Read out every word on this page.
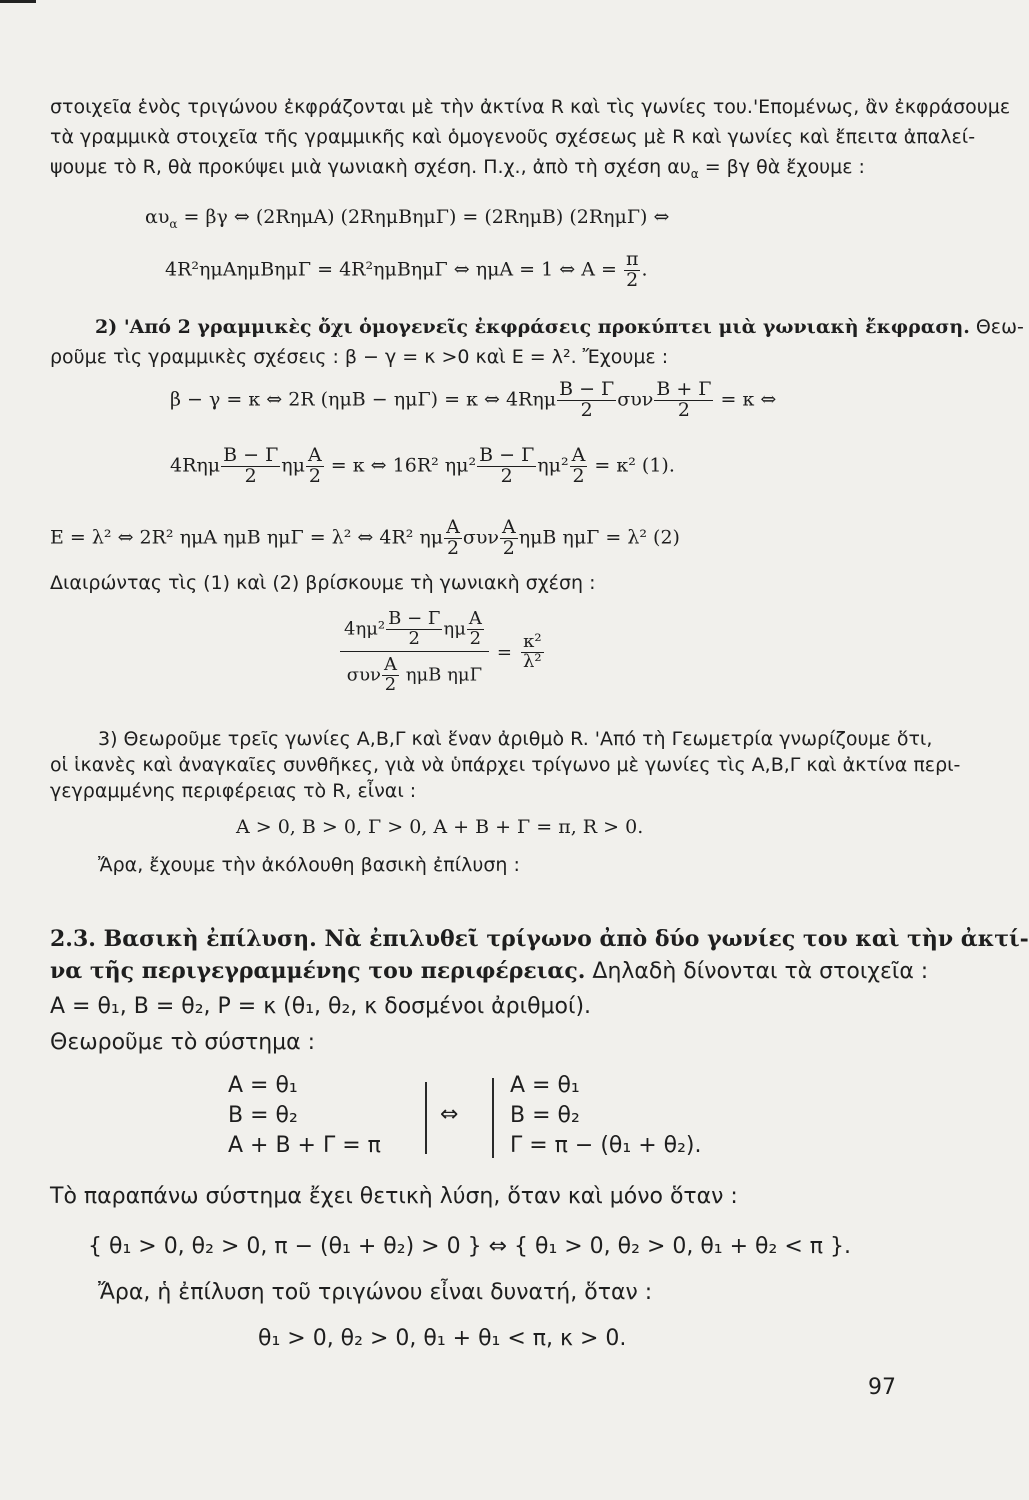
στοιχεῖα ἑνὸς τριγώνου ἐκφράζονται μὲ τὴν ἀκτίνα R καὶ τὶς γωνίες του.'Επομένως, ἂν ἐκφράσουμε
τὰ γραμμικὰ στοιχεῖα τῆς γραμμικῆς καὶ ὁμογενοῦς σχέσεως μὲ R καὶ γωνίες καὶ ἔπειτα ἀπαλεί-
ψουμε τὸ R, θὰ προκύψει μιὰ γωνιακὴ σχέση. Π.χ., ἀπὸ τὴ σχέση $\alpha\upsilon_\alpha = \beta\gamma$ θὰ ἔχουμε :
$\alpha\upsilon_\alpha = \beta\gamma$ ⇔ (2RημA) (2RημBημΓ) = (2RημB) (2RημΓ) ⇔
4R²ημAημBημΓ = 4R²ημBημΓ ⇔ ημA = 1 ⇔ $A = \frac{\pi}{2}$ .
2) 'Από 2 γραμμικὲς ὄχι ὁμογενεῖς ἐκφράσεις προκύπτει μιὰ γωνιακὴ ἔκφραση. Θεω-
ροῦμε τὶς γραμμικὲς σχέσεις : β − γ = κ >0 καὶ E = λ². Ἔχουμε :
β − γ = κ ⇔ 2R (ημB − ημΓ) = κ ⇔ $4R\eta\mu \frac{B - \Gamma}{2}$ συν $\frac{B + \Gamma}{2} = \kappa$ ⇔
$4R\eta\mu \frac{B - \Gamma}{2}$ ημ $\frac{A}{2} = \kappa$ ⇔ 16R² $\eta\mu^2 \frac{B - \Gamma}{2} \eta\mu^2 \frac{A}{2} = \kappa^2$ (1).
E = λ² ⇔ 2R² ημA ημB ημΓ = λ² ⇔ 4R² ημ $\frac{A}{2}$ συν $\frac{A}{2}$ ημB ημΓ = λ² (2)
Διαιρώντας τὶς (1) καὶ (2) βρίσκουμε τὴ γωνιακὴ σχέση :
$4\eta\mu^2 \frac{B - \Gamma}{2}$ ημ $\frac{A}{2}$
συν $\frac{A}{2}$ ημB ημΓ
= $\frac{\text{κ²}}{\text{λ²}}$
3) Θεωροῦμε τρεῖς γωνίες A,B,Γ καὶ ἕναν ἀριθμὸ R. 'Από τὴ Γεωμετρία γνωρίζουμε ὅτι,
οἱ ἱκανὲς καὶ ἀναγκαῖες συνθῆκες, γιὰ νὰ ὑπάρχει τρίγωνο μὲ γωνίες τὶς A,B,Γ καὶ ἀκτίνα περι-
γεγραμμένης περιφέρειας τὸ R, εἶναι :
A > 0, B > 0, Γ > 0, A + B + Γ = π, R > 0.
Ἄρα, ἔχουμε τὴν ἀκόλουθη βασικὴ ἐπίλυση :
2.3. Βασικὴ ἐπίλυση. Νὰ ἐπιλυθεῖ τρίγωνο ἀπὸ δύο γωνίες του καὶ τὴν ἀκτί-
να τῆς περιγεγραμμένης του περιφέρειας. Δηλαδὴ δίνονται τὰ στοιχεῖα :
A = θ₁, B = θ₂, P = κ (θ₁, θ₂, κ δοσμένοι ἀριθμοί).
Θεωροῦμε τὸ σύστημα :
A = θ₁
B = θ₂
A + B + Γ = π
⇔
A = θ₁
B = θ₂
Γ = π − (θ₁ + θ₂).
Τὸ παραπάνω σύστημα ἔχει θετικὴ λύση, ὅταν καὶ μόνο ὅταν :
{ θ₁ > 0, θ₂ > 0, π − (θ₁ + θ₂) > 0 } ⇔ { θ₁ > 0, θ₂ > 0, θ₁ + θ₂ < π }.
Ἄρα, ἡ ἐπίλυση τοῦ τριγώνου εἶναι δυνατή, ὅταν :
θ₁ > 0, θ₂ > 0, θ₁ + θ₁ < π, κ > 0.
97
